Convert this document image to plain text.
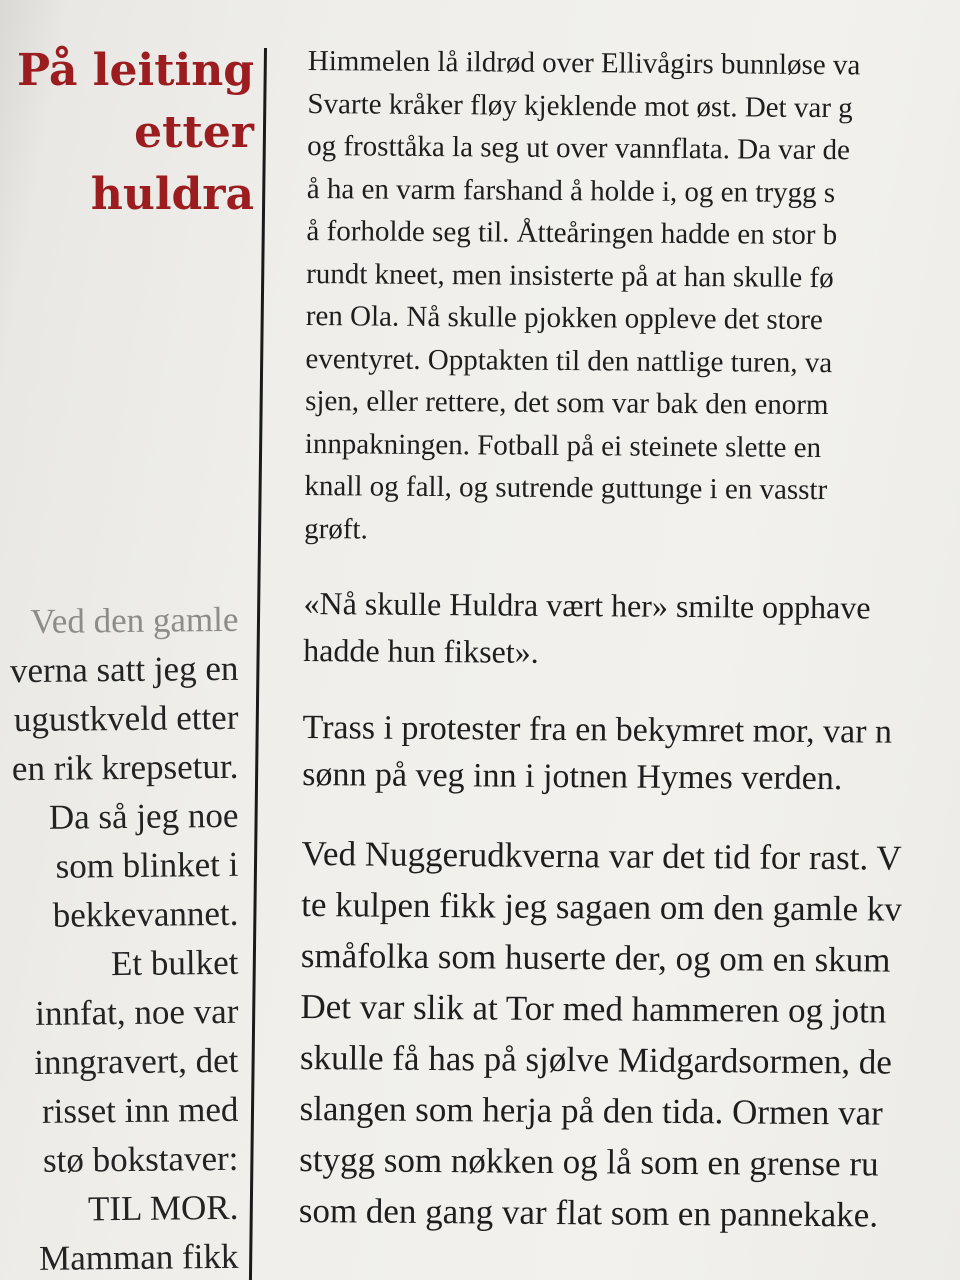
På leiting
etter
huldra
Ved den gamle
verna satt jeg en
ugustkveld etter
en rik krepsetur.
Da så jeg noe
som blinket i
bekkevannet.
Et bulket
innfat, noe var
inngravert, det
risset inn med
stø bokstaver:
TIL MOR.
Mamman fikk
Himmelen lå ildrød over Ellivågirs bunnløse va
Svarte kråker fløy kjeklende mot øst. Det var g
og frosttåka la seg ut over vannflata. Da var de
å ha en varm farshand å holde i, og en trygg s
å forholde seg til. Åtteåringen hadde en stor b
rundt kneet, men insisterte på at han skulle fø
ren Ola. Nå skulle pjokken oppleve det store
eventyret. Opptakten til den nattlige turen, va
sjen, eller rettere, det som var bak den enorm
innpakningen. Fotball på ei steinete slette en
knall og fall, og sutrende guttunge i en vasstr
grøft.
«Nå skulle Huldra vært her» smilte opphave
hadde hun fikset».
Trass i protester fra en bekymret mor, var n
sønn på veg inn i jotnen Hymes verden.
Ved Nuggerudkverna var det tid for rast. V
te kulpen fikk jeg sagaen om den gamle kv
småfolka som huserte der, og om en skum
Det var slik at Tor med hammeren og jotn
skulle få has på sjølve Midgardsormen, de
slangen som herja på den tida. Ormen var
stygg som nøkken og lå som en grense ru
som den gang var flat som en pannekake.
